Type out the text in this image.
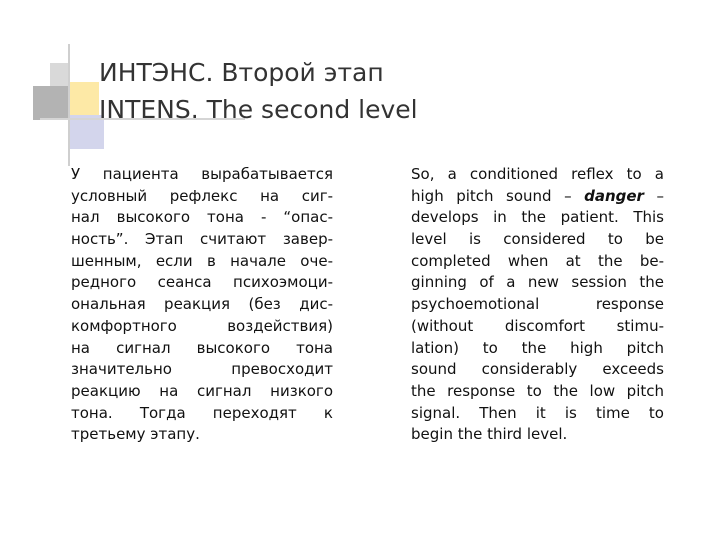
ИНТЭНС. Второй этап
INTENS. The second level
У пациента вырабатывается
условный рефлекс на сиг-
нал высокого тона - “опас-
ность”. Этап считают завер-
шенным, если в начале оче-
редного сеанса психоэмоци-
ональная реакция (без дис-
комфортного воздействия)
на сигнал высокого тона
значительно превосходит
реакцию на сигнал низкого
тона. Тогда переходят к
третьему этапу.
So, a conditioned reflex to a
high pitch sound – danger –
develops in the patient. This
level is considered to be
completed when at the be-
ginning of a new session the
psychoemotional response
(without discomfort stimu-
lation) to the high pitch
sound considerably exceeds
the response to the low pitch
signal. Then it is time to
begin the third level.
